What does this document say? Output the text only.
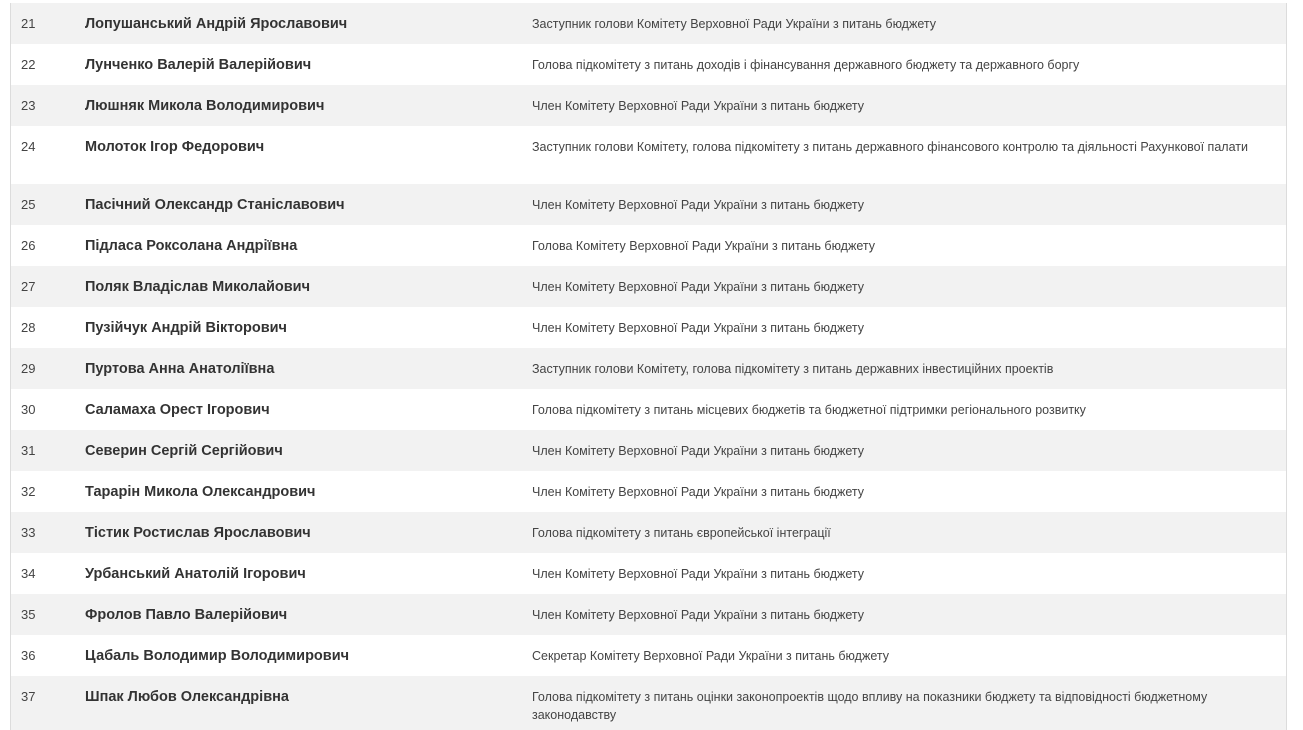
21	Лопушанський Андрій Ярославович	Заступник голови Комітету Верховної Ради України з питань бюджету
22	Лунченко Валерій Валерійович	Голова підкомітету з питань доходів і фінансування державного бюджету та державного боргу
23	Люшняк Микола Володимирович	Член Комітету Верховної Ради України з питань бюджету
24	Молоток Ігор Федорович	Заступник голови Комітету, голова підкомітету з питань державного фінансового контролю та діяльності Рахункової палати
25	Пасічний Олександр Станіславович	Член Комітету Верховної Ради України з питань бюджету
26	Підласа Роксолана Андріївна	Голова Комітету Верховної Ради України з питань бюджету
27	Поляк Владіслав Миколайович	Член Комітету Верховної Ради України з питань бюджету
28	Пузійчук Андрій Вікторович	Член Комітету Верховної Ради України з питань бюджету
29	Пуртова Анна Анатоліївна	Заступник голови Комітету, голова підкомітету з питань державних інвестиційних проектів
30	Саламаха Орест Ігорович	Голова підкомітету з питань місцевих бюджетів та бюджетної підтримки регіонального розвитку
31	Северин Сергій Сергійович	Член Комітету Верховної Ради України з питань бюджету
32	Тарарін Микола Олександрович	Член Комітету Верховної Ради України з питань бюджету
33	Тістик Ростислав Ярославович	Голова підкомітету з питань європейської інтеграції
34	Урбанський Анатолій Ігорович	Член Комітету Верховної Ради України з питань бюджету
35	Фролов Павло Валерійович	Член Комітету Верховної Ради України з питань бюджету
36	Цабаль Володимир Володимирович	Секретар Комітету Верховної Ради України з питань бюджету
37	Шпак Любов Олександрівна	Голова підкомітету з питань оцінки законопроектів щодо впливу на показники бюджету та відповідності бюджетному законодавству
